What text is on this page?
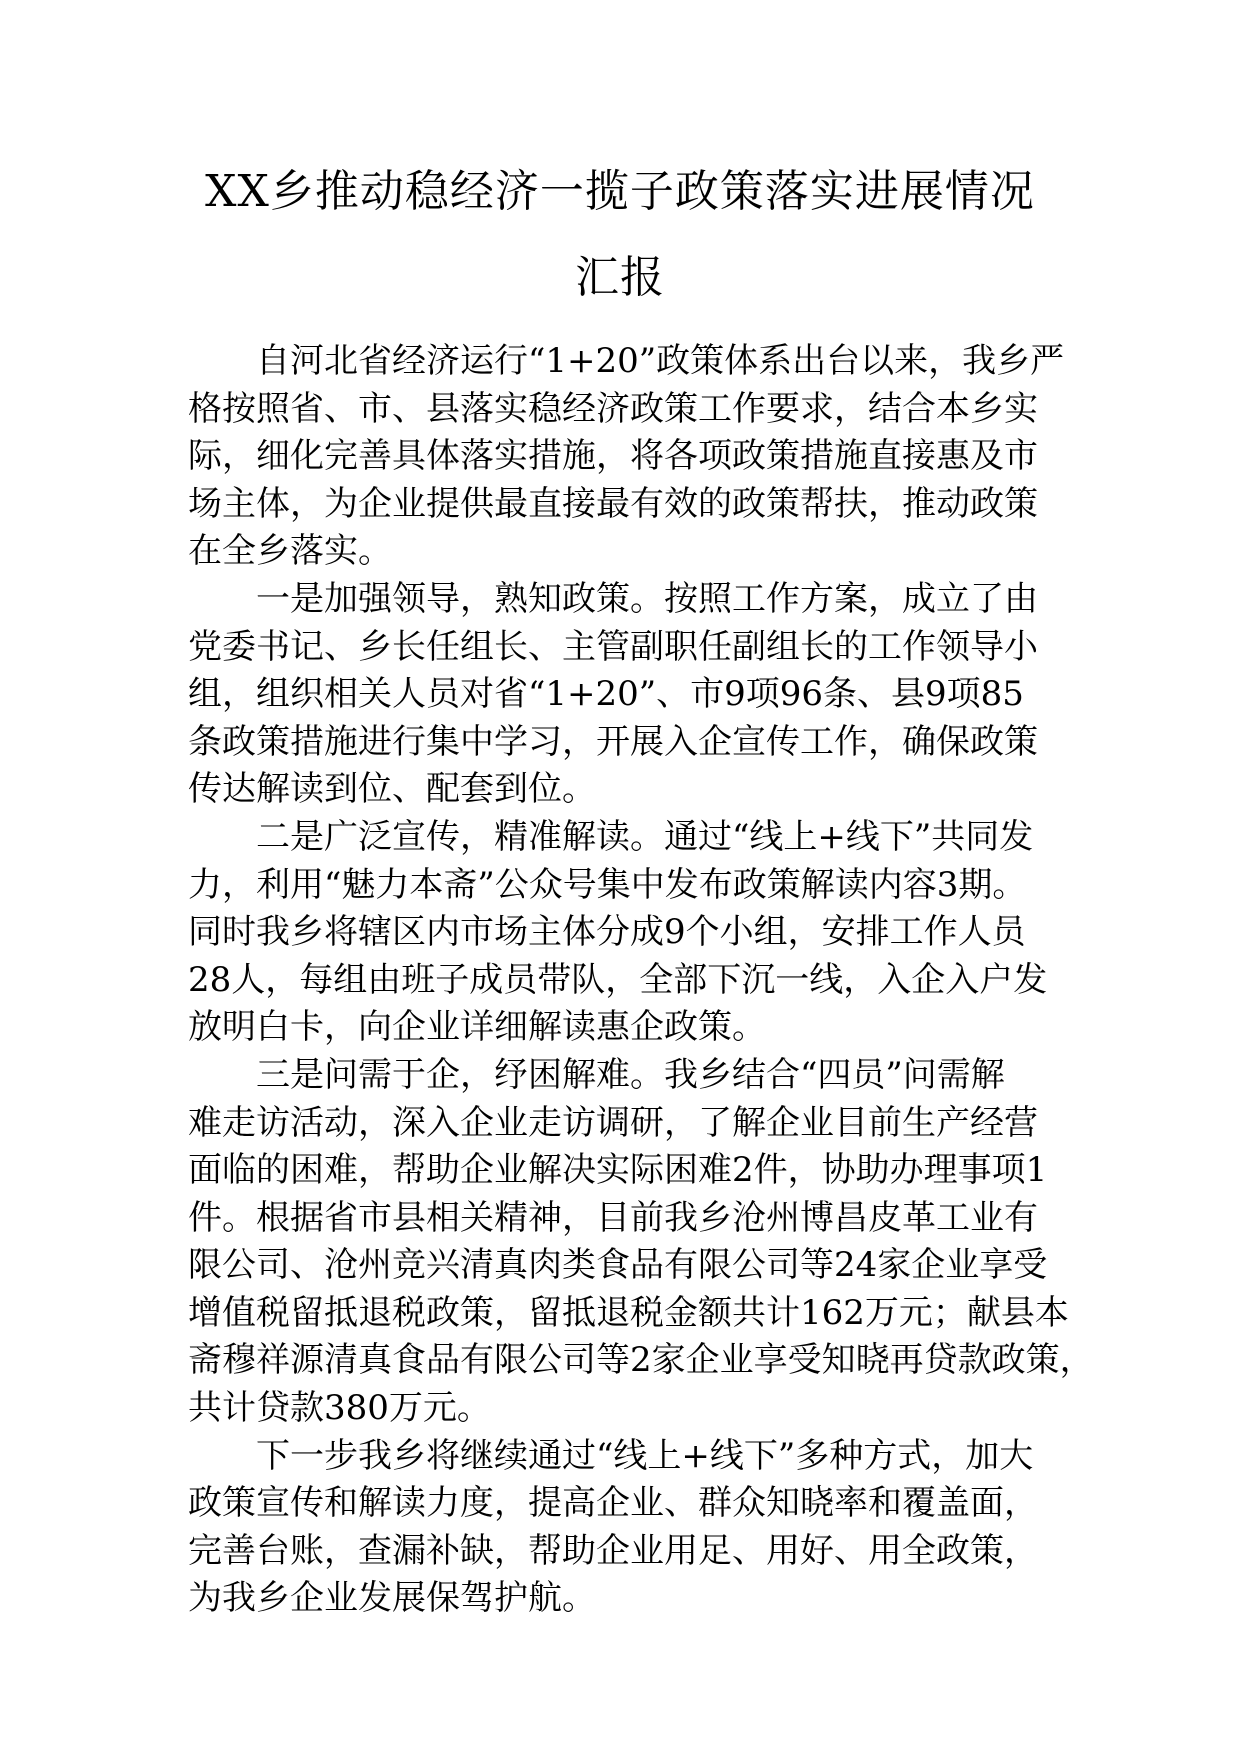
XX乡推动稳经济一揽子政策落实进展情况
汇报
自河北省经济运行“1+20”政策体系出台以来，我乡严
格按照省、市、县落实稳经济政策工作要求，结合本乡实
际，细化完善具体落实措施，将各项政策措施直接惠及市
场主体，为企业提供最直接最有效的政策帮扶，推动政策
在全乡落实。
一是加强领导，熟知政策。按照工作方案，成立了由
党委书记、乡长任组长、主管副职任副组长的工作领导小
组，组织相关人员对省“1+20”、市9项96条、县9项85
条政策措施进行集中学习，开展入企宣传工作，确保政策
传达解读到位、配套到位。
二是广泛宣传，精准解读。通过“线上+线下”共同发
力，利用“魅力本斋”公众号集中发布政策解读内容3期。
同时我乡将辖区内市场主体分成9个小组，安排工作人员
28人，每组由班子成员带队，全部下沉一线，入企入户发
放明白卡，向企业详细解读惠企政策。
三是问需于企，纾困解难。我乡结合“四员”问需解
难走访活动，深入企业走访调研，了解企业目前生产经营
面临的困难，帮助企业解决实际困难2件，协助办理事项1
件。根据省市县相关精神，目前我乡沧州博昌皮革工业有
限公司、沧州竞兴清真肉类食品有限公司等24家企业享受
增值税留抵退税政策，留抵退税金额共计162万元；献县本
斋穆祥源清真食品有限公司等2家企业享受知晓再贷款政策，
共计贷款380万元。
下一步我乡将继续通过“线上+线下”多种方式，加大
政策宣传和解读力度，提高企业、群众知晓率和覆盖面，
完善台账，查漏补缺，帮助企业用足、用好、用全政策，
为我乡企业发展保驾护航。
